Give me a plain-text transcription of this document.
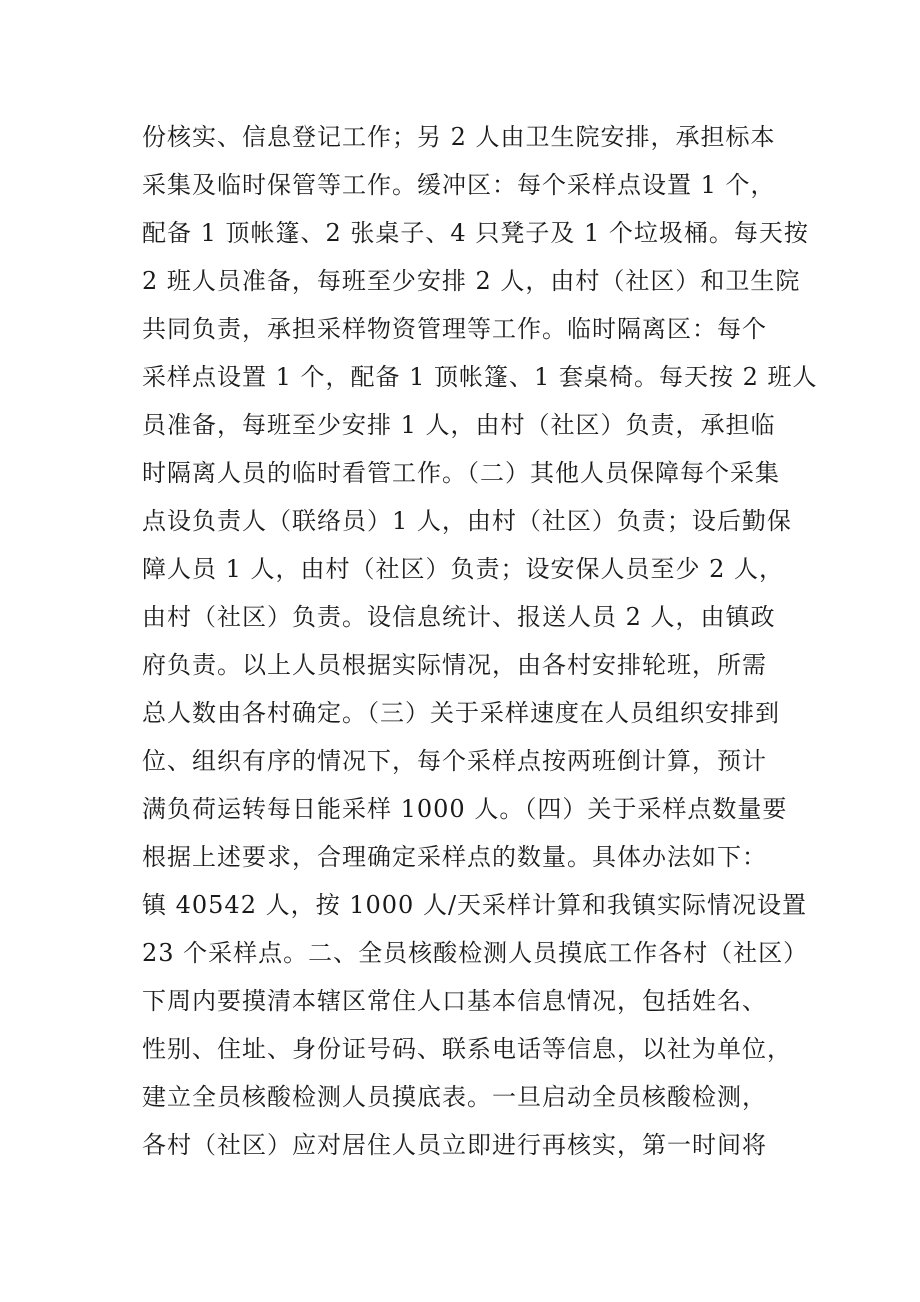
份核实、信息登记工作；另 2 人由卫生院安排，承担标本
采集及临时保管等工作。缓冲区：每个采样点设置 1 个，
配备 1 顶帐篷、2 张桌子、4 只凳子及 1 个垃圾桶。每天按
2 班人员准备，每班至少安排 2 人，由村（社区）和卫生院
共同负责，承担采样物资管理等工作。临时隔离区：每个
采样点设置 1 个，配备 1 顶帐篷、1 套桌椅。每天按 2 班人
员准备，每班至少安排 1 人，由村（社区）负责，承担临
时隔离人员的临时看管工作。（二）其他人员保障每个采集
点设负责人（联络员）1 人，由村（社区）负责；设后勤保
障人员 1 人，由村（社区）负责；设安保人员至少 2 人，
由村（社区）负责。设信息统计、报送人员 2 人，由镇政
府负责。以上人员根据实际情况，由各村安排轮班，所需
总人数由各村确定。（三）关于采样速度在人员组织安排到
位、组织有序的情况下，每个采样点按两班倒计算，预计
满负荷运转每日能采样 1000 人。（四）关于采样点数量要
根据上述要求，合理确定采样点的数量。具体办法如下：
镇 40542 人，按 1000 人/天采样计算和我镇实际情况设置
23 个采样点。二、全员核酸检测人员摸底工作各村（社区）
下周内要摸清本辖区常住人口基本信息情况，包括姓名、
性别、住址、身份证号码、联系电话等信息，以社为单位，
建立全员核酸检测人员摸底表。一旦启动全员核酸检测，
各村（社区）应对居住人员立即进行再核实，第一时间将
